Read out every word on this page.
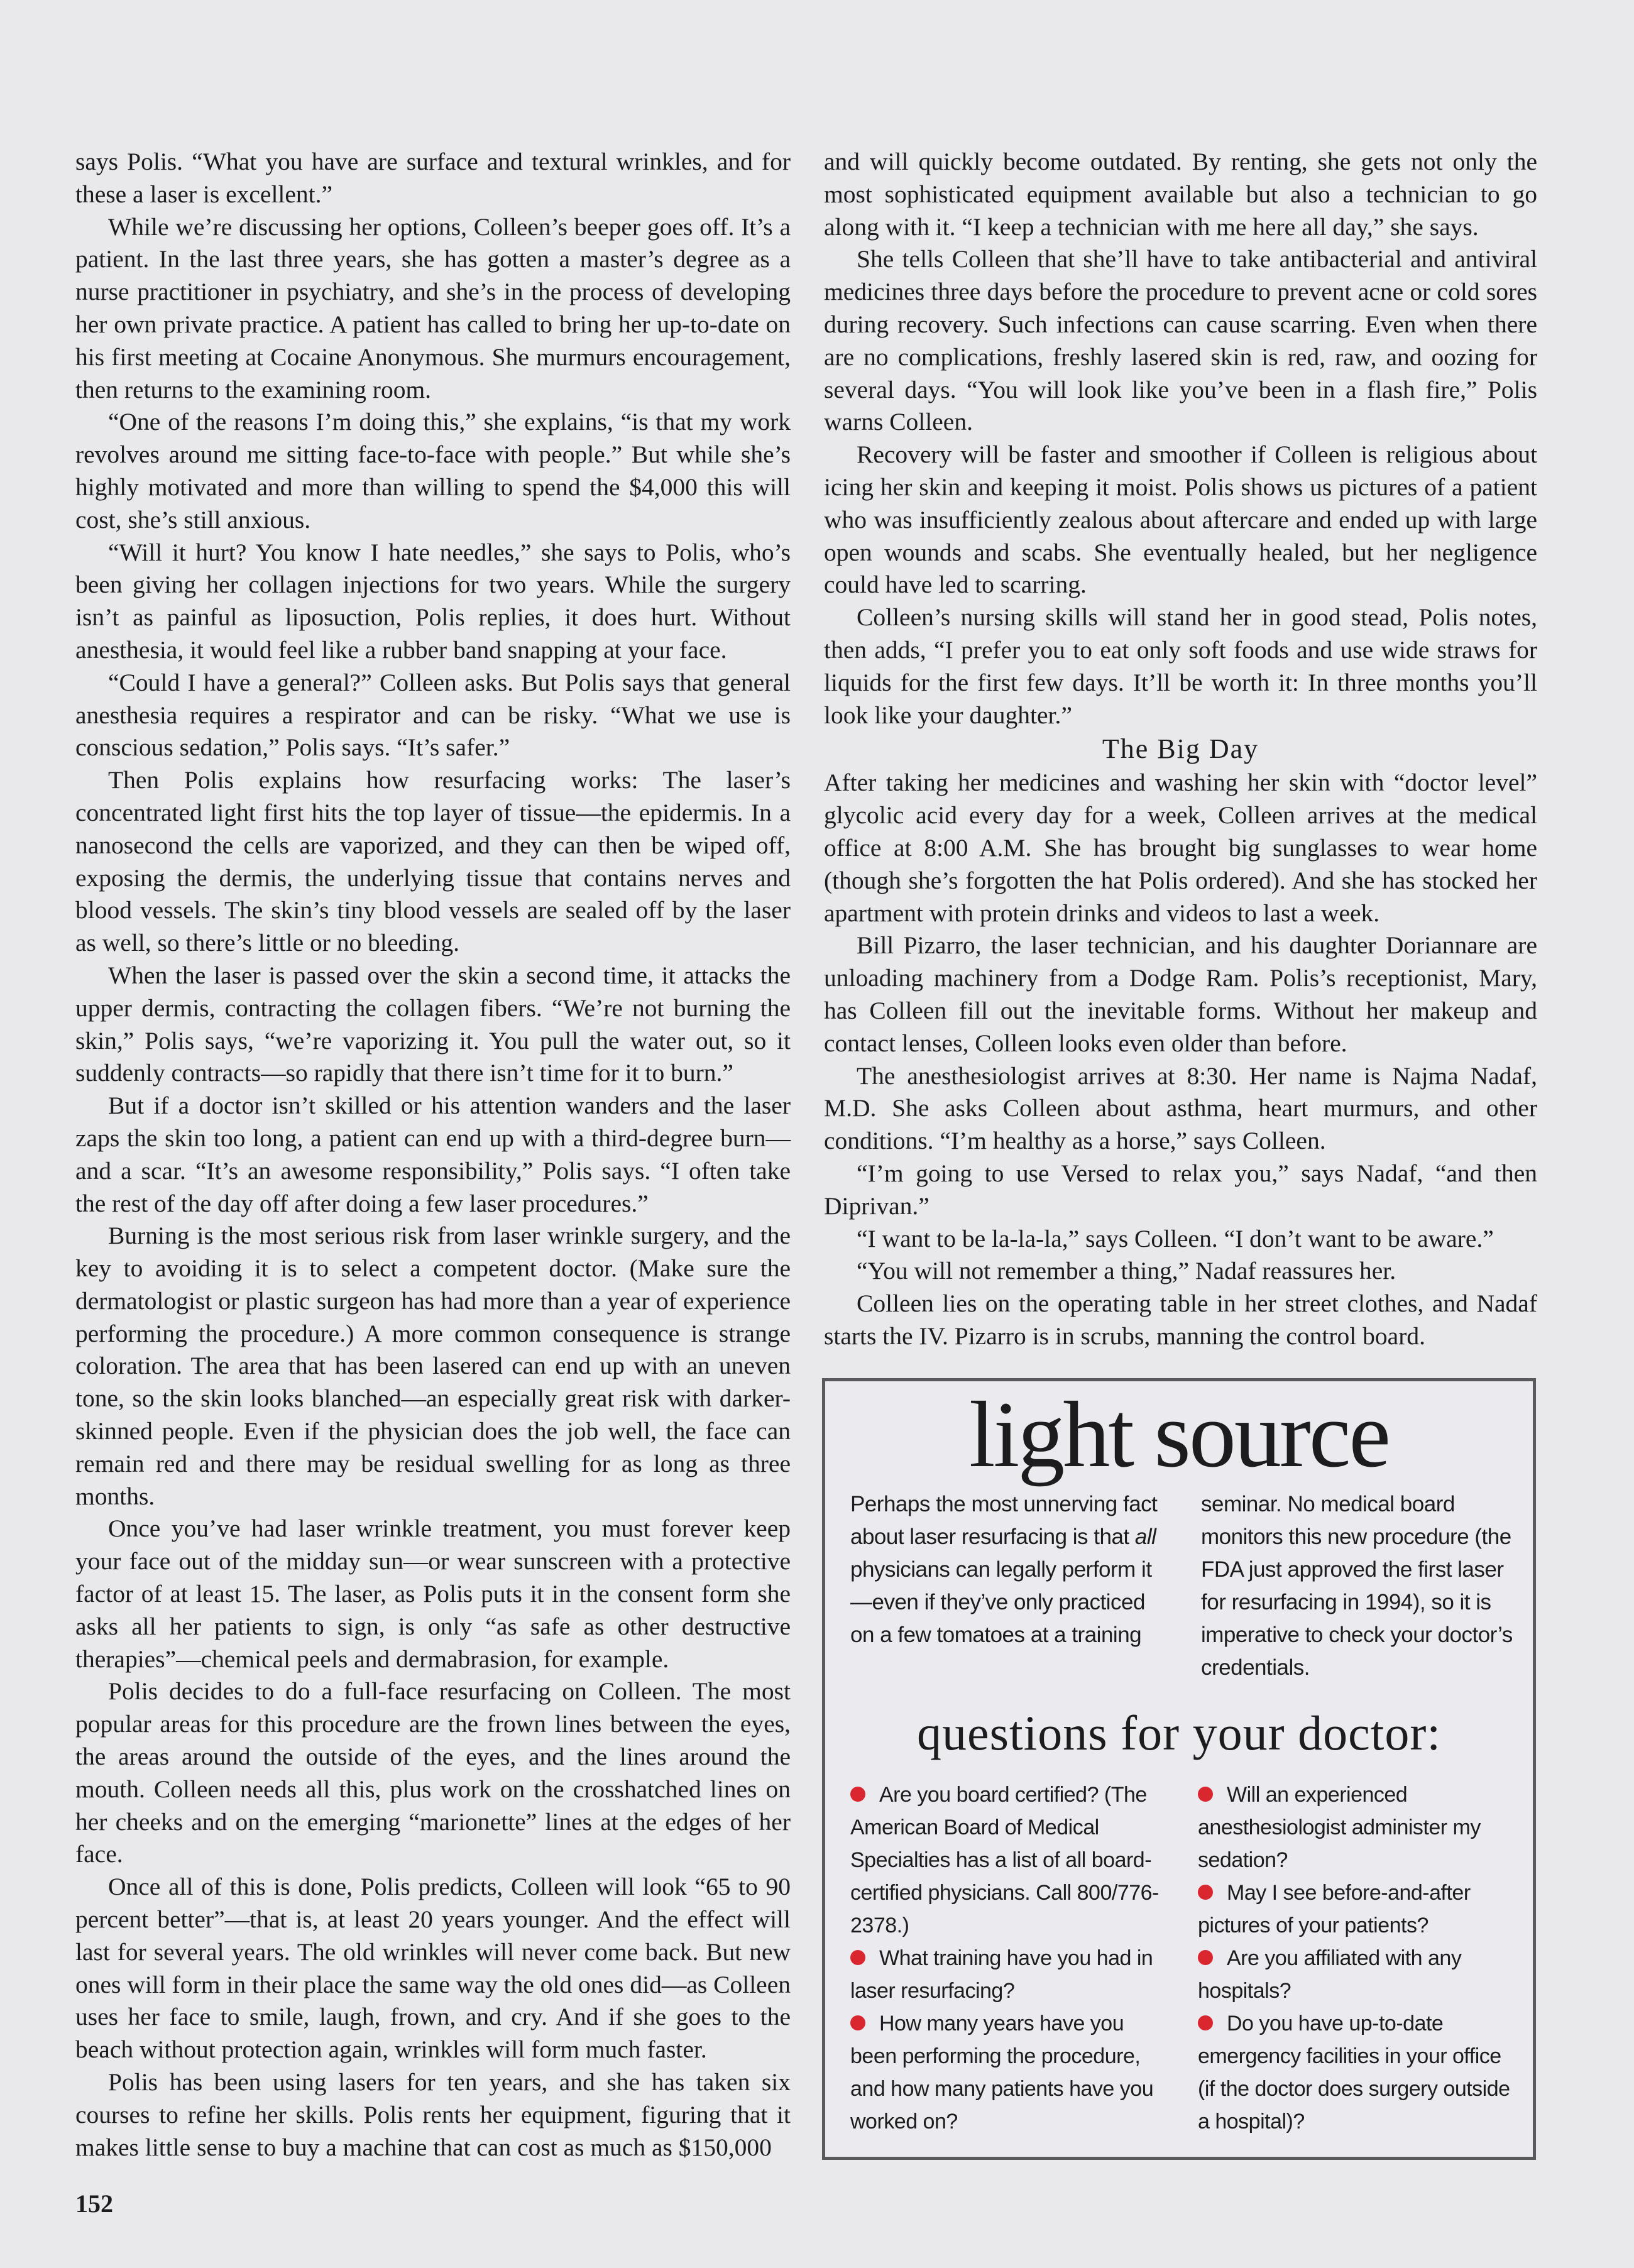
says Polis. “What you have are surface and textural wrinkles, and for these a laser is excellent.”

While we’re discussing her options, Colleen’s beeper goes off. It’s a patient. In the last three years, she has gotten a master’s degree as a nurse practitioner in psychiatry, and she’s in the process of developing her own private practice. A patient has called to bring her up-to-date on his first meeting at Cocaine Anonymous. She murmurs encouragement, then returns to the examining room.

“One of the reasons I’m doing this,” she explains, “is that my work revolves around me sitting face-to-face with people.” But while she’s highly motivated and more than willing to spend the $4,000 this will cost, she’s still anxious.

“Will it hurt? You know I hate needles,” she says to Polis, who’s been giving her collagen injections for two years. While the surgery isn’t as painful as liposuction, Polis replies, it does hurt. Without anesthesia, it would feel like a rubber band snapping at your face.

“Could I have a general?” Colleen asks. But Polis says that general anesthesia requires a respirator and can be risky. “What we use is conscious sedation,” Polis says. “It’s safer.”

Then Polis explains how resurfacing works: The laser’s concentrated light first hits the top layer of tissue—the epidermis. In a nanosecond the cells are vaporized, and they can then be wiped off, exposing the dermis, the underlying tissue that contains nerves and blood vessels. The skin’s tiny blood vessels are sealed off by the laser as well, so there’s little or no bleeding.

When the laser is passed over the skin a second time, it attacks the upper dermis, contracting the collagen fibers. “We’re not burning the skin,” Polis says, “we’re vaporizing it. You pull the water out, so it suddenly contracts—so rapidly that there isn’t time for it to burn.”

But if a doctor isn’t skilled or his attention wanders and the laser zaps the skin too long, a patient can end up with a third-degree burn—and a scar. “It’s an awesome responsibility,” Polis says. “I often take the rest of the day off after doing a few laser procedures.”

Burning is the most serious risk from laser wrinkle surgery, and the key to avoiding it is to select a competent doctor. (Make sure the dermatologist or plastic surgeon has had more than a year of experience performing the procedure.) A more common consequence is strange coloration. The area that has been lasered can end up with an uneven tone, so the skin looks blanched—an especially great risk with darker-skinned people. Even if the physician does the job well, the face can remain red and there may be residual swelling for as long as three months.

Once you’ve had laser wrinkle treatment, you must forever keep your face out of the midday sun—or wear sunscreen with a protective factor of at least 15. The laser, as Polis puts it in the consent form she asks all her patients to sign, is only “as safe as other destructive therapies”—chemical peels and dermabrasion, for example.

Polis decides to do a full-face resurfacing on Colleen. The most popular areas for this procedure are the frown lines between the eyes, the areas around the outside of the eyes, and the lines around the mouth. Colleen needs all this, plus work on the crosshatched lines on her cheeks and on the emerging “marionette” lines at the edges of her face.

Once all of this is done, Polis predicts, Colleen will look “65 to 90 percent better”—that is, at least 20 years younger. And the effect will last for several years. The old wrinkles will never come back. But new ones will form in their place the same way the old ones did—as Colleen uses her face to smile, laugh, frown, and cry. And if she goes to the beach without protection again, wrinkles will form much faster.

Polis has been using lasers for ten years, and she has taken six courses to refine her skills. Polis rents her equipment, figuring that it makes little sense to buy a machine that can cost as much as $150,000

152

and will quickly become outdated. By renting, she gets not only the most sophisticated equipment available but also a technician to go along with it. “I keep a technician with me here all day,” she says.

She tells Colleen that she’ll have to take antibacterial and antiviral medicines three days before the procedure to prevent acne or cold sores during recovery. Such infections can cause scarring. Even when there are no complications, freshly lasered skin is red, raw, and oozing for several days. “You will look like you’ve been in a flash fire,” Polis warns Colleen.

Recovery will be faster and smoother if Colleen is religious about icing her skin and keeping it moist. Polis shows us pictures of a patient who was insufficiently zealous about aftercare and ended up with large open wounds and scabs. She eventually healed, but her negligence could have led to scarring.

Colleen’s nursing skills will stand her in good stead, Polis notes, then adds, “I prefer you to eat only soft foods and use wide straws for liquids for the first few days. It’ll be worth it: In three months you’ll look like your daughter.”

The Big Day

After taking her medicines and washing her skin with “doctor level” glycolic acid every day for a week, Colleen arrives at the medical office at 8:00 A.M. She has brought big sunglasses to wear home (though she’s forgotten the hat Polis ordered). And she has stocked her apartment with protein drinks and videos to last a week.

Bill Pizarro, the laser technician, and his daughter Doriannare are unloading machinery from a Dodge Ram. Polis’s receptionist, Mary, has Colleen fill out the inevitable forms. Without her makeup and contact lenses, Colleen looks even older than before.

The anesthesiologist arrives at 8:30. Her name is Najma Nadaf, M.D. She asks Colleen about asthma, heart murmurs, and other conditions. “I’m healthy as a horse,” says Colleen.

“I’m going to use Versed to relax you,” says Nadaf, “and then Diprivan.”

“I want to be la-la-la,” says Colleen. “I don’t want to be aware.”

“You will not remember a thing,” Nadaf reassures her.

Colleen lies on the operating table in her street clothes, and Nadaf starts the IV. Pizarro is in scrubs, manning the control board.

light source
Perhaps the most unnerving fact about laser resurfacing is that all physicians can legally perform it—even if they’ve only practiced on a few tomatoes at a training
seminar. No medical board monitors this new procedure (the FDA just approved the first laser for resurfacing in 1994), so it is imperative to check your doctor’s credentials.
questions for your doctor:
Are you board certified? (The American Board of Medical Specialties has a list of all board-certified physicians. Call 800/776-2378.)
What training have you had in laser resurfacing?
How many years have you been performing the procedure, and how many patients have you worked on?
Will an experienced anesthesiologist administer my sedation?
May I see before-and-after pictures of your patients?
Are you affiliated with any hospitals?
Do you have up-to-date emergency facilities in your office (if the doctor does surgery outside a hospital)?
